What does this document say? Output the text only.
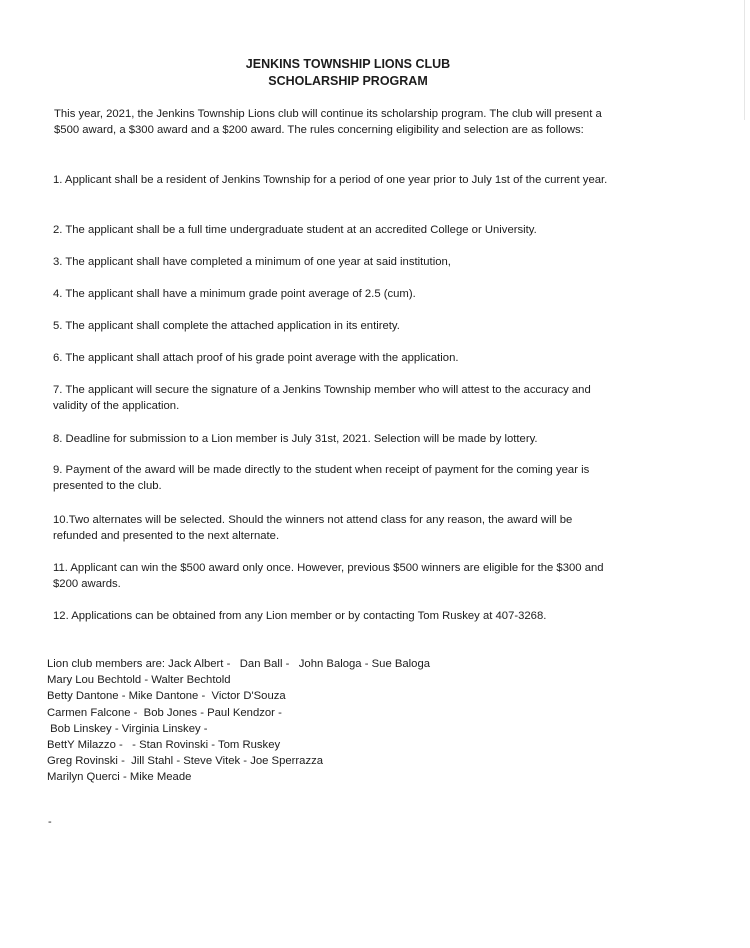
JENKINS TOWNSHIP LIONS CLUB
SCHOLARSHIP PROGRAM

This year, 2021, the Jenkins Township Lions club will continue its scholarship program. The club will present a $500 award, a $300 award and a $200 award. The rules concerning eligibility and selection are as follows:

1. Applicant shall be a resident of Jenkins Township for a period of one year prior to July 1st of the current year.

2. The applicant shall be a full time undergraduate student at an accredited College or University.

3. The applicant shall have completed a minimum of one year at said institution,

4. The applicant shall have a minimum grade point average of 2.5 (cum).

5. The applicant shall complete the attached application in its entirety.

6. The applicant shall attach proof of his grade point average with the application.

7. The applicant will secure the signature of a Jenkins Township member who will attest to the accuracy and validity of the application.

8. Deadline for submission to a Lion member is July 31st, 2021. Selection will be made by lottery.

9. Payment of the award will be made directly to the student when receipt of payment for the coming year is presented to the club.

10.Two alternates will be selected. Should the winners not attend class for any reason, the award will be refunded and presented to the next alternate.

11. Applicant can win the $500 award only once. However, previous $500 winners are eligible for the $300 and $200 awards.

12. Applications can be obtained from any Lion member or by contacting Tom Ruskey at 407-3268.

Lion club members are: Jack Albert -   Dan Ball -   John Baloga - Sue Baloga
Mary Lou Bechtold - Walter Bechtold
Betty Dantone - Mike Dantone -  Victor D'Souza
Carmen Falcone -  Bob Jones - Paul Kendzor -
Bob Linskey - Virginia Linskey -
BettY Milazzo -   - Stan Rovinski - Tom Ruskey
Greg Rovinski -  Jill Stahl - Steve Vitek - Joe Sperrazza
Marilyn Querci - Mike Meade
-
